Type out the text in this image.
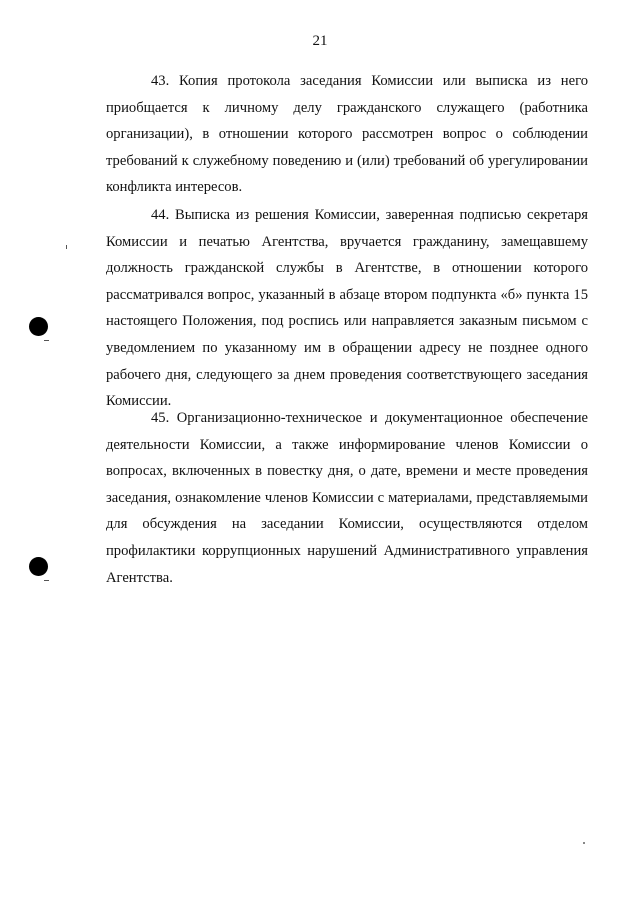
21

43. Копия протокола заседания Комиссии или выписка из него приобщается к личному делу гражданского служащего (работника организации), в отношении которого рассмотрен вопрос о соблюдении требований к служебному поведению и (или) требований об урегулировании конфликта интересов.

44. Выписка из решения Комиссии, заверенная подписью секретаря Комиссии и печатью Агентства, вручается гражданину, замещавшему должность гражданской службы в Агентстве, в отношении которого рассматривался вопрос, указанный в абзаце втором подпункта «б» пункта 15 настоящего Положения, под роспись или направляется заказным письмом с уведомлением по указанному им в обращении адресу не позднее одного рабочего дня, следующего за днем проведения соответствующего заседания Комиссии.

45. Организационно-техническое и документационное обеспечение деятельности Комиссии, а также информирование членов Комиссии о вопросах, включенных в повестку дня, о дате, времени и месте проведения заседания, ознакомление членов Комиссии с материалами, представляемыми для обсуждения на заседании Комиссии, осуществляются отделом профилактики коррупционных нарушений Административного управления Агентства.
